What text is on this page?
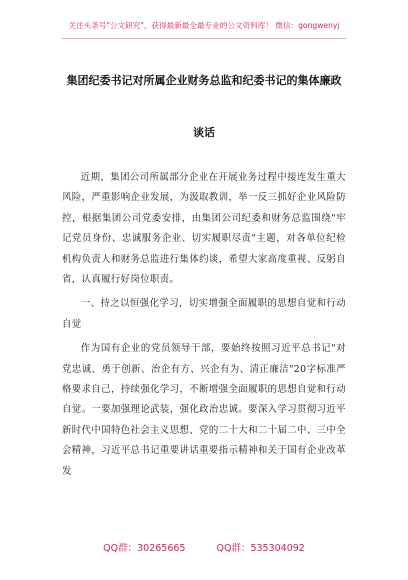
关注头条号"公文研究"，获得最新最全最专业的公文资料库！ 微信：gongwenyj
集团纪委书记对所属企业财务总监和纪委书记的集体廉政
谈话

近期，集团公司所属部分企业在开展业务过程中接连发生重大风险，严重影响企业发展，为汲取教训，举一反三抓好企业风险防控，根据集团公司党委安排，由集团公司纪委和财务总监围绕"牢记党员身份、忠诚服务企业、切实履职尽责"主题，对各单位纪检机构负责人和财务总监进行集体约谈，希望大家高度重视、反躬自省，认真履行好岗位职责。

一、持之以恒强化学习，切实增强全面履职的思想自觉和行动自觉

作为国有企业的党员领导干部，要始终按照习近平总书记"对党忠诚、勇于创新、治企有方、兴企有为、清正廉洁"20字标准严格要求自己，持续强化学习，不断增强全面履职的思想自觉和行动自觉。一要加强理论武装，强化政治忠诚。要深入学习贯彻习近平新时代中国特色社会主义思想、党的二十大和二十届二中、三中全会精神，习近平总书记重要讲话重要指示精神和关于国有企业改革发

QQ群：30265665	QQ群：535304092
